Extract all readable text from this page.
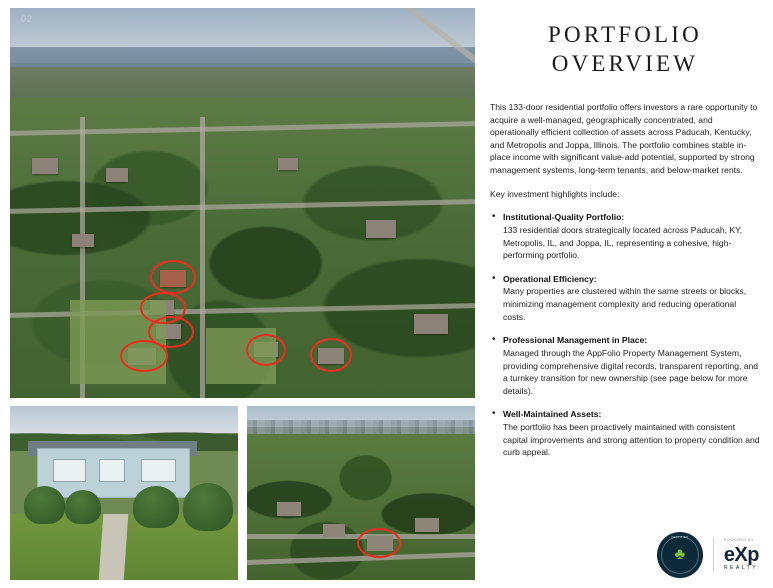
02
PORTFOLIO
OVERVIEW

This 133-door residential portfolio offers investors a rare opportunity to acquire a well-managed, geographically concentrated, and operationally efficient collection of assets across Paducah, Kentucky, and Metropolis and Joppa, Illinois. The portfolio combines stable in-place income with significant value-add potential, supported by strong management systems, long-term tenants, and below-market rents.

Key investment highlights include:

• Institutional-Quality Portfolio:
133 residential doors strategically located across Paducah, KY, Metropolis, IL, and Joppa, IL, representing a cohesive, high-performing portfolio.
• Operational Efficiency:
Many properties are clustered within the same streets or blocks, minimizing management complexity and reducing operational costs.
• Professional Management in Place:
Managed through the AppFolio Property Management System, providing comprehensive digital records, transparent reporting, and a turnkey transition for new ownership (see page below for more details).
• Well-Maintained Assets:
The portfolio has been proactively maintained with consistent capital improvements and strong attention to property condition and curb appeal.
CERTIFIED
♣
POWERED BY
eXp
REALTY
